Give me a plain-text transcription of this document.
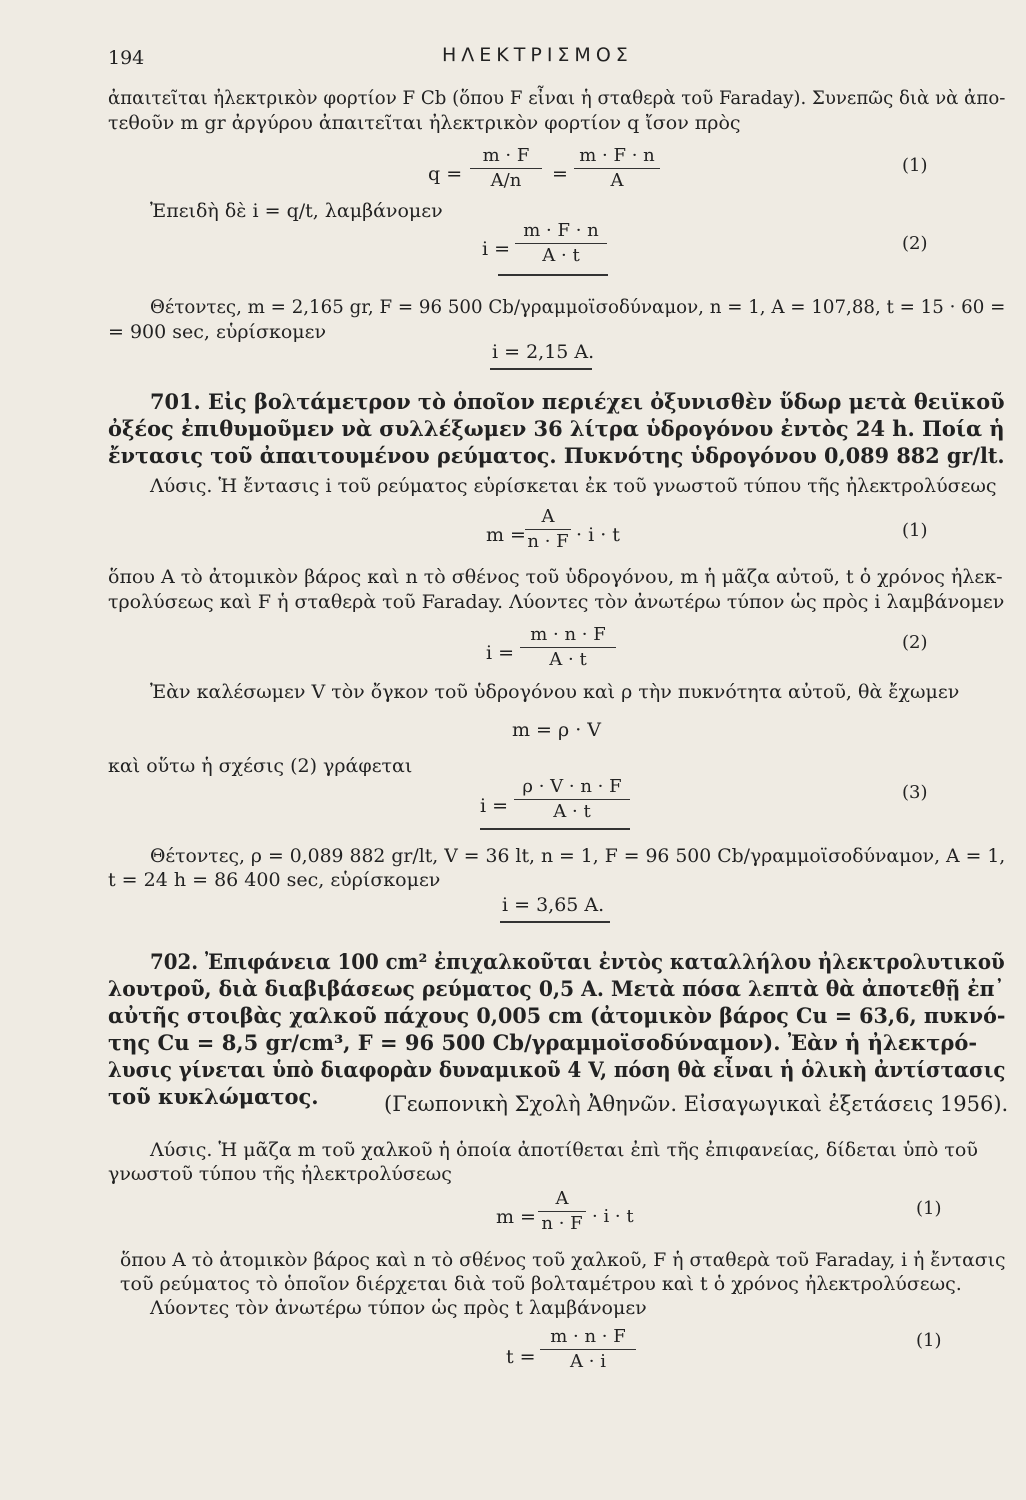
194	ΗΛΕΚΤΡΙΣΜΟΣ
ἀπαιτεῖται ἠλεκτρικὸν φορτίον F Cb (ὅπου F εἶναι ἡ σταθερὰ τοῦ Faraday). Συνεπῶς διὰ νὰ ἀπο-
τεθοῦν m gr ἀργύρου ἀπαιτεῖται ἠλεκτρικὸν φορτίον q ἴσον πρὸς
q =
m · F
A/n	=
m · F · n
A
(1)
Ἐπειδὴ δὲ i = q/t, λαμβάνομεν
i =
m · F · n
A · t
(2)
Θέτοντες, m = 2,165 gr, F = 96 500 Cb/γραμμοϊσοδύναμον, n = 1, A = 107,88, t = 15 · 60 =
= 900 sec, εὑρίσκομεν
i = 2,15 A.
701. Εἰς βολτάμετρον τὸ ὁποῖον περιέχει ὀξυνισθὲν ὕδωρ μετὰ θειϊκοῦ
ὀξέος ἐπιθυμοῦμεν νὰ συλλέξωμεν 36 λίτρα ὑδρογόνου ἐντὸς 24 h. Ποία ἡ
ἔντασις τοῦ ἀπαιτουμένου ρεύματος. Πυκνότης ὑδρογόνου 0,089 882 gr/lt.
Λύσις. Ἡ ἔντασις i τοῦ ρεύματος εὑρίσκεται ἐκ τοῦ γνωστοῦ τύπου τῆς ἠλεκτρολύσεως
m =
A
n · F · i · t	(1)
ὅπου A τὸ ἀτομικὸν βάρος καὶ n τὸ σθένος τοῦ ὑδρογόνου, m ἡ μᾶζα αὐτοῦ, t ὁ χρόνος ἠλεκ-
τρολύσεως καὶ F ἡ σταθερὰ τοῦ Faraday. Λύοντες τὸν ἀνωτέρω τύπον ὡς πρὸς i λαμβάνομεν
i =
m · n · F
A · t
(2)
Ἐὰν καλέσωμεν V τὸν ὄγκον τοῦ ὑδρογόνου καὶ ρ τὴν πυκνότητα αὐτοῦ, θὰ ἔχωμεν
m = ρ · V
καὶ οὕτω ἡ σχέσις (2) γράφεται
i =
ρ · V · n · F
A · t
(3)
Θέτοντες, ρ = 0,089 882 gr/lt, V = 36 lt, n = 1, F = 96 500 Cb/γραμμοϊσοδύναμον, A = 1,
t = 24 h = 86 400 sec, εὑρίσκομεν
i = 3,65 A.
702. Ἐπιφάνεια 100 cm² ἐπιχαλκοῦται ἐντὸς καταλλήλου ἠλεκτρολυτικοῦ
λουτροῦ, διὰ διαβιβάσεως ρεύματος 0,5 A. Μετὰ πόσα λεπτὰ θὰ ἀποτεθῇ ἐπ᾽
αὐτῆς στοιβὰς χαλκοῦ πάχους 0,005 cm (ἀτομικὸν βάρος Cu = 63,6, πυκνό-
της Cu = 8,5 gr/cm³, F = 96 500 Cb/γραμμοϊσοδύναμον). Ἐὰν ἡ ἠλεκτρό-
λυσις γίνεται ὑπὸ διαφορὰν δυναμικοῦ 4 V, πόση θὰ εἶναι ἡ ὁλικὴ ἀντίστασις
τοῦ κυκλώματος.	(Γεωπονικὴ Σχολὴ Ἀθηνῶν. Εἰσαγωγικαὶ ἐξετάσεις 1956).
Λύσις. Ἡ μᾶζα m τοῦ χαλκοῦ ἡ ὁποία ἀποτίθεται ἐπὶ τῆς ἐπιφανείας, δίδεται ὑπὸ τοῦ
γνωστοῦ τύπου τῆς ἠλεκτρολύσεως
m =
A
n · F · i · t	(1)
ὅπου A τὸ ἀτομικὸν βάρος καὶ n τὸ σθένος τοῦ χαλκοῦ, F ἡ σταθερὰ τοῦ Faraday, i ἡ ἔντασις
τοῦ ρεύματος τὸ ὁποῖον διέρχεται διὰ τοῦ βολταμέτρου καὶ t ὁ χρόνος ἠλεκτρολύσεως.
Λύοντες τὸν ἀνωτέρω τύπον ὡς πρὸς t λαμβάνομεν
t =
m · n · F
A · i
(1)
